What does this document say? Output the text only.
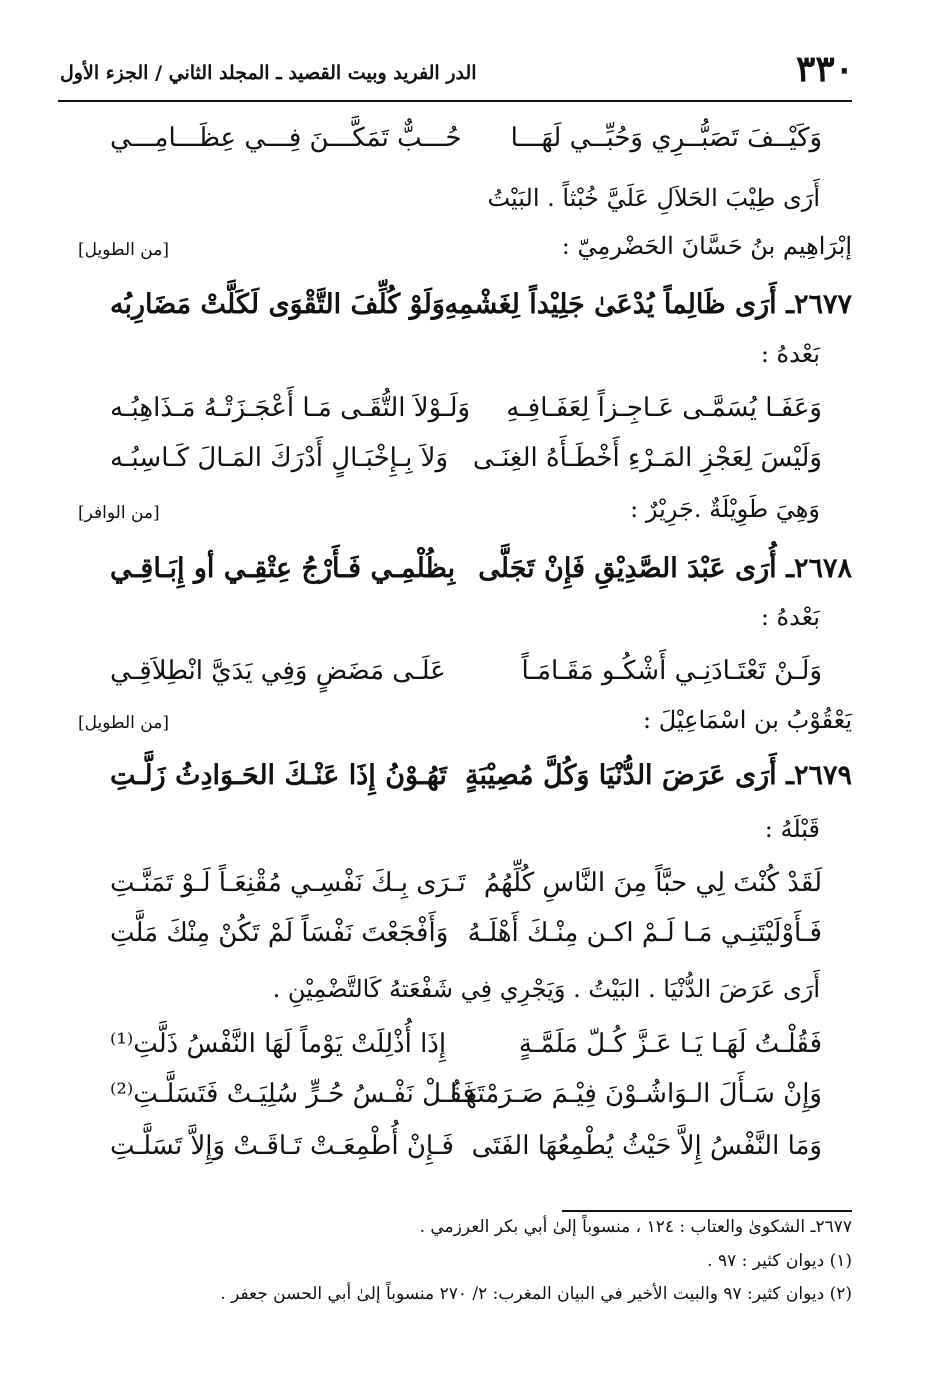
٣٣٠
الدر الفريد وبيت القصيد ـ المجلد الثاني / الجزء الأول
وَكَيْــفَ تَصَبُّــرِي وَحُبِّــي لَهَـــا
حُـــبٌّ تَمَكَّـــنَ فِـــي عِظَـــامِـــي
أَرَى طِيْبَ الحَلاَلِ عَلَيَّ خُبْثاً . البَيْتُ
إبْرَاهِيم بنُ حَسَّانَ الحَضْرمِيّ :
[من الطويل]
٢٦٧٧ـ أَرَى ظَالِماً يُدْعَىٰ جَلِيْداً لِغَشْمِهِ
وَلَوْ كُلِّفَ التَّقْوَى لَكَلَّتْ مَضَارِبُه
بَعْدهُ :
وَعَفَـا يُسَمَّـى عَـاجِـزاً لِعَفَـافِـهِ
وَلَـوْلاَ التُّقَـى مَـا أَعْجَـزَتْـهُ مَـذَاهِبُـه
وَلَيْسَ لِعَجْزِ المَـرْءِ أَخْطَـأَهُ الغِنَـى
وَلاَ بِـإِخْبَـالٍ أَدْرَكَ المَـالَ كَـاسِبُـه
وَهِيَ طَوِيْلَةٌ .جَرِيْرٌ :
[من الوافر]
٢٦٧٨ـ أُرَى عَبْدَ الصَّدِيْقِ فَإِنْ تَجَلَّى
بِظُلْمِـي فَـأَرْجُ عِتْقِـي أو إِبَـاقِـي
بَعْدهُ :
وَلَـنْ تَعْتَـادَنِـي أَشْكُـو مَقَـامَـاً
عَلَـى مَضَضٍ وَفِي يَدَيَّ انْطِلاَقِـي
يَعْقُوْبُ بن اسْمَاعِيْلَ :
[من الطويل]
٢٦٧٩ـ أَرَى عَرَضَ الدُّنْيَا وَكُلَّ مُصِيْبَةٍ
تَهُـوْنُ إِذَا عَنْـكَ الحَـوَادِثُ زَلَّـتِ
قَبْلَهُ :
لَقَدْ كُنْتَ لِي حبَّاً مِنَ النَّاسِ كُلِّهُمُ
تَـرَى بِـكَ نَفْسِـي مُقْنِعَـاً لَـوْ تَمَنَّـتِ
فَـأَوْلَيْتَنِـي مَـا لَـمْ اكـن مِنْـكَ أَهْلَـهُ
وَأَفْجَعْتَ نَفْسَاً لَمْ تَكُنْ مِنْكَ مَلَّتِ
أَرَى عَرَضَ الدُّنْيَا . البَيْتُ . وَيَجْرِي فِي شَفْعَتهُ كَالتَّضْمِيْنِ .
فَقُلْـتُ لَهَـا يَـا عَـزَّ كُـلّ مَلَمَّـةٍ
إِذَا أُذْلِلَتْ يَوْماً لَهَا النَّفْسُ ذَلَّتِ⁽¹⁾
وَإِنْ سَـأَلَ الـوَاشُـوْنَ فِيْـمَ صَـرَمْتَهَـا
فَقُـلْ نَفْـسُ حُـرٍّ سُلِيَـتْ فَتَسَلَّـتِ⁽²⁾
وَمَا النَّفْسُ إِلاَّ حَيْثُ يُطْمِعُهَا الفَتَى
فَـإِنْ أُطْمِعَـتْ تَـاقَـتْ وَإِلاَّ تَسَلَّـتِ
٢٦٧٧ـ الشكوىٰ والعتاب : ١٢٤ ، منسوباً إلىٰ أبي بكر العرزمي .
(١) ديوان كثير : ٩٧ .
(٢) ديوان كثير: ٩٧ والبيت الأخير في البيان المغرب: ٢/ ٢٧٠ منسوباً إلىٰ أبي الحسن جعفر .
